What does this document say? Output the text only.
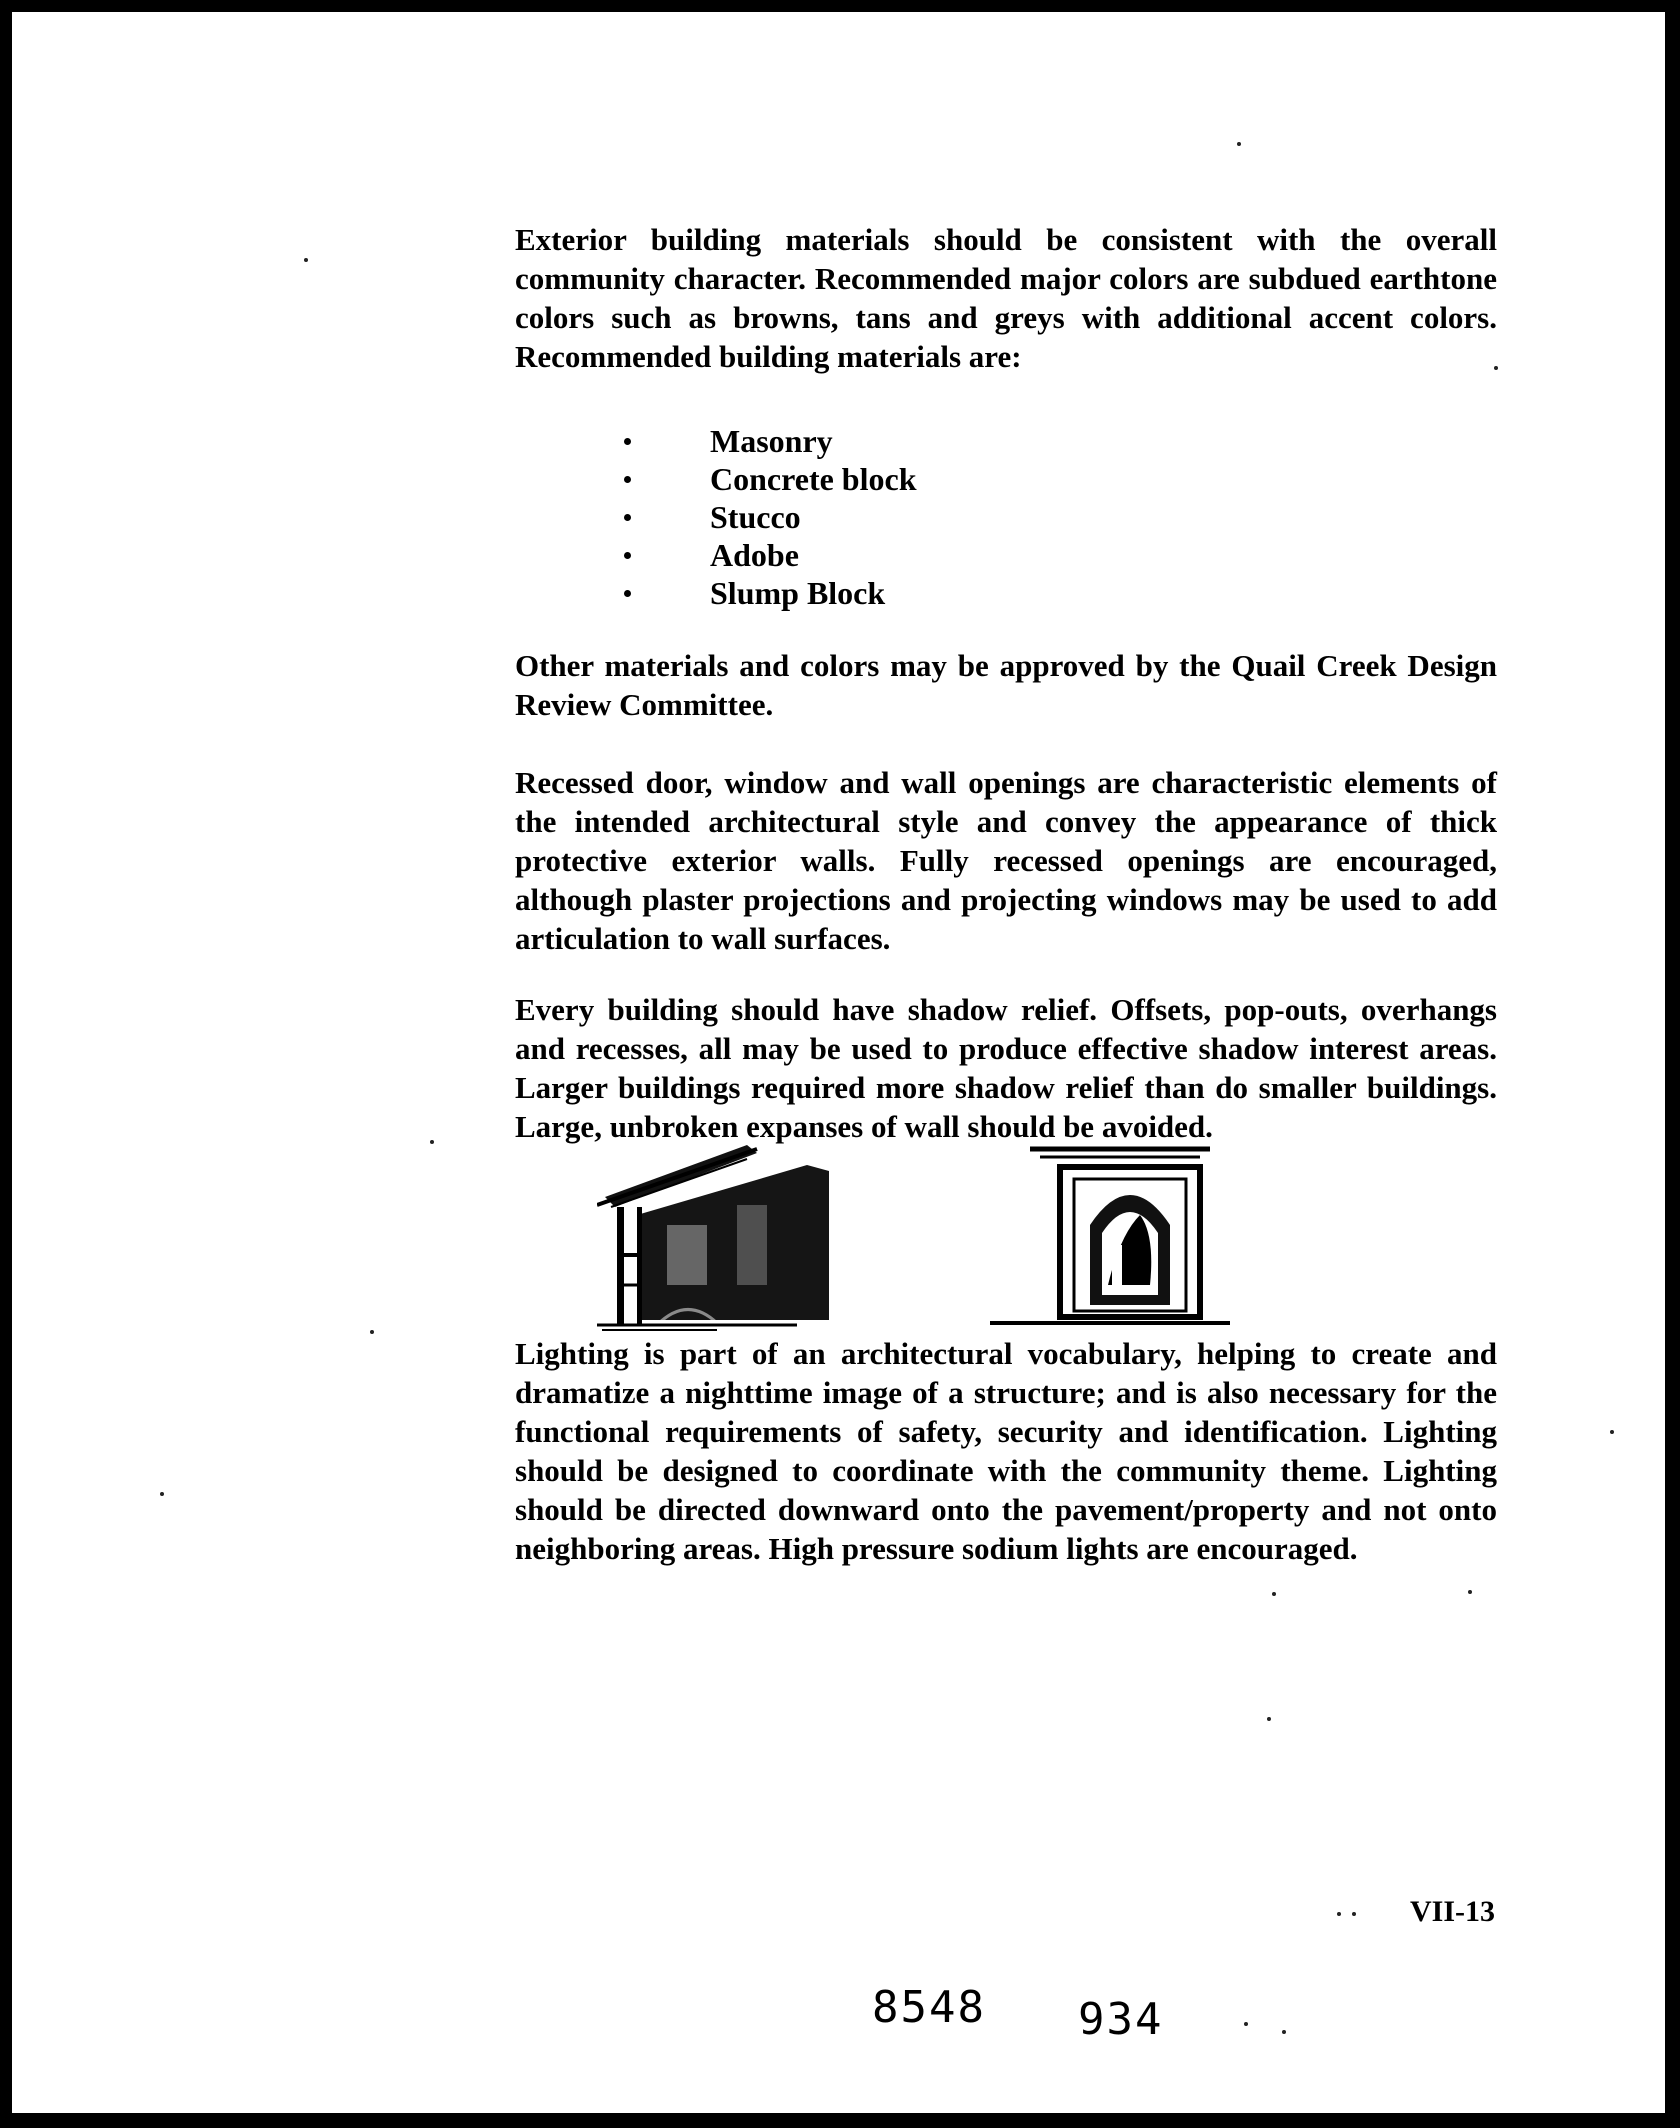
Exterior building materials should be consistent with the overall community character. Recommended major colors are subdued earthtone colors such as browns, tans and greys with additional accent colors. Recommended building materials are:

Masonry
Concrete block
Stucco
Adobe
Slump Block

Other materials and colors may be approved by the Quail Creek Design Review Committee.

Recessed door, window and wall openings are characteristic elements of the intended architectural style and convey the appearance of thick protective exterior walls. Fully recessed openings are encouraged, although plaster projections and projecting windows may be used to add articulation to wall surfaces.

Every building should have shadow relief. Offsets, pop-outs, overhangs and recesses, all may be used to produce effective shadow interest areas. Larger buildings required more shadow relief than do smaller buildings. Large, unbroken expanses of wall should be avoided.

Lighting is part of an architectural vocabulary, helping to create and dramatize a nighttime image of a structure; and is also necessary for the functional requirements of safety, security and identification. Lighting should be designed to coordinate with the community theme. Lighting should be directed downward onto the pavement/property and not onto neighboring areas. High pressure sodium lights are encouraged.

VII-13
8548 934
